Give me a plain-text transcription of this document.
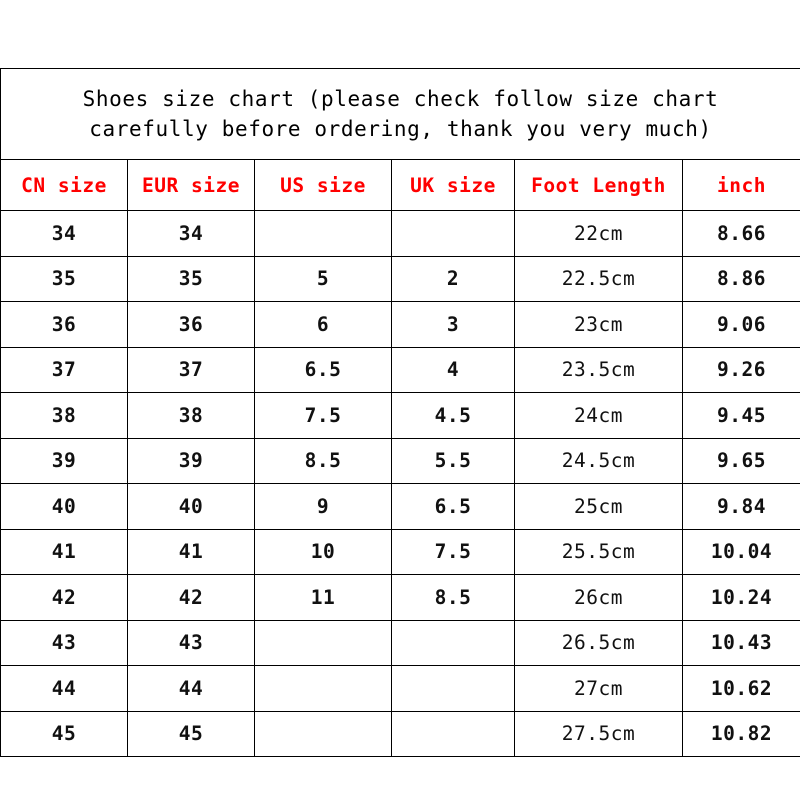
Shoes size chart (please check follow size chart
carefully before ordering, thank you very much)					
CN size	EUR size	US size	UK size	Foot Length	inch
34	34			22cm	8.66
35	35	5	2	22.5cm	8.86
36	36	6	3	23cm	9.06
37	37	6.5	4	23.5cm	9.26
38	38	7.5	4.5	24cm	9.45
39	39	8.5	5.5	24.5cm	9.65
40	40	9	6.5	25cm	9.84
41	41	10	7.5	25.5cm	10.04
42	42	11	8.5	26cm	10.24
43	43			26.5cm	10.43
44	44			27cm	10.62
45	45			27.5cm	10.82
